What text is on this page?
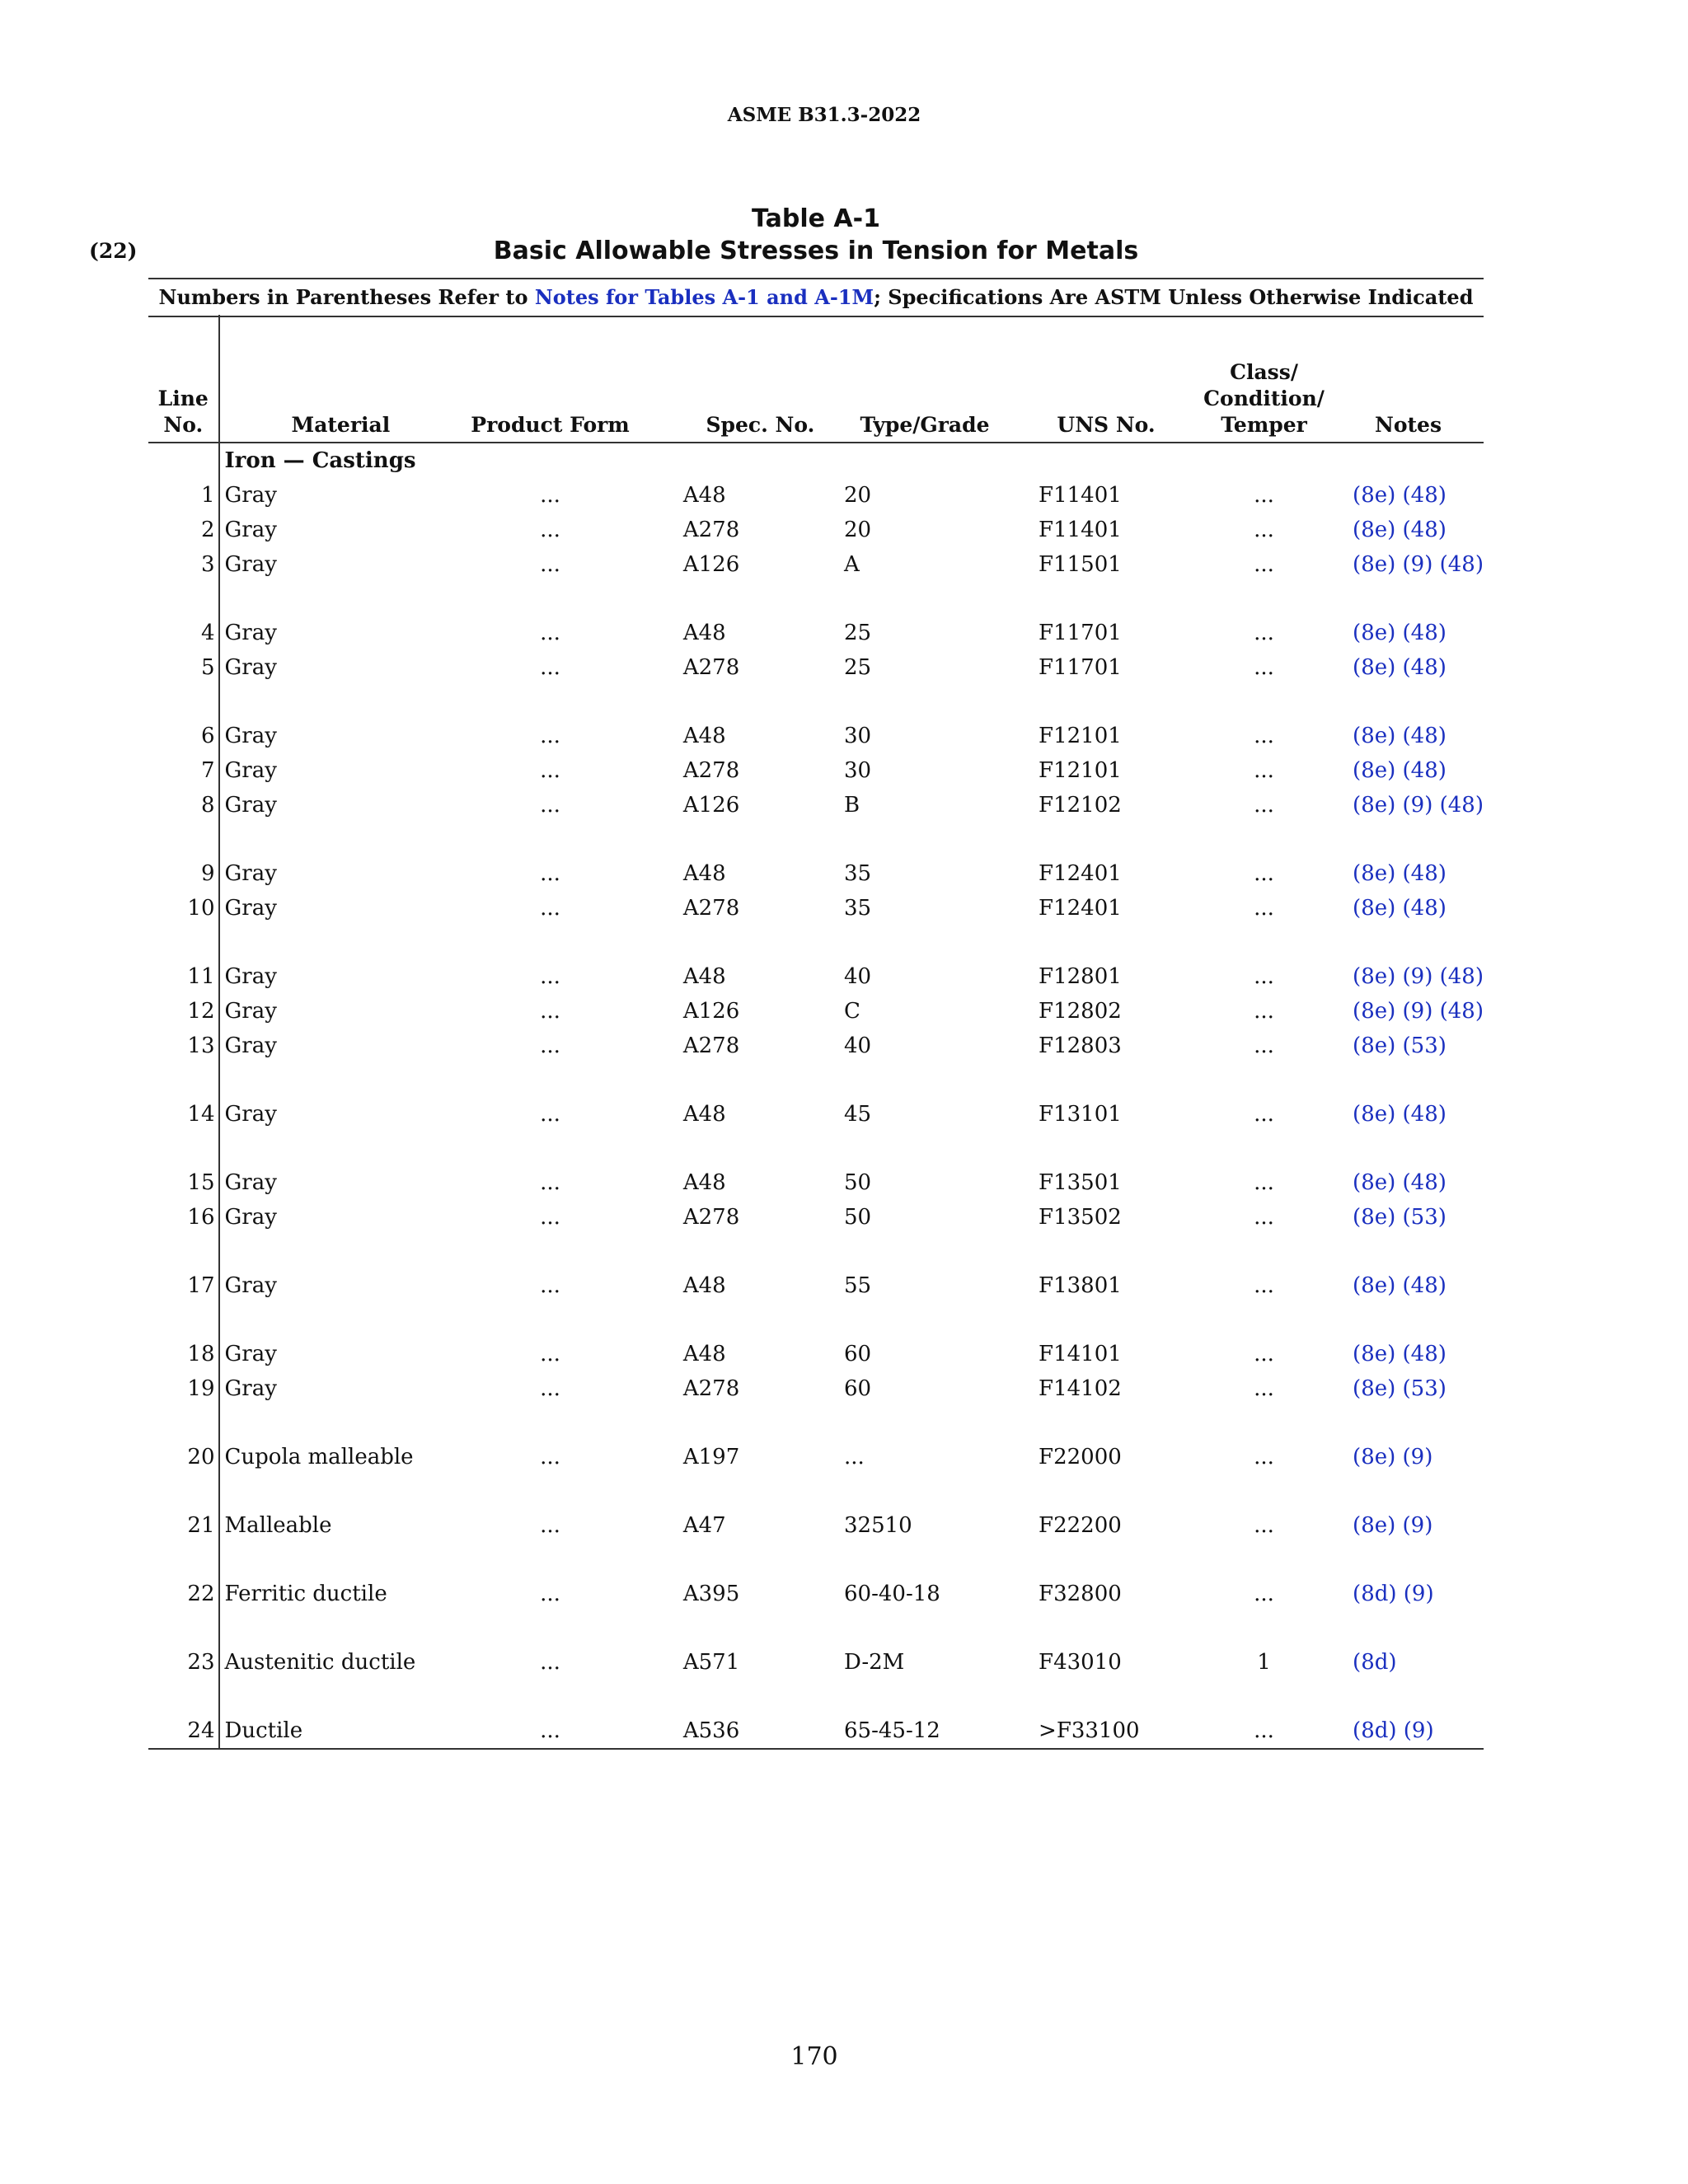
ASME B31.3-2022
(22)
Table A-1
Basic Allowable Stresses in Tension for Metals
Numbers in Parentheses Refer to Notes for Tables A-1 and A-1M; Specifications Are ASTM Unless Otherwise Indicated
Line
No.	Material	Product Form	Spec. No.	Type/Grade	UNS No.	Class/
Condition/
Temper	Notes
	Iron — Castings						
1	Gray	...	A48	20	F11401	...	(8e) (48)
2	Gray	...	A278	20	F11401	...	(8e) (48)
3	Gray	...	A126	A	F11501	...	(8e) (9) (48)

4	Gray	...	A48	25	F11701	...	(8e) (48)
5	Gray	...	A278	25	F11701	...	(8e) (48)

6	Gray	...	A48	30	F12101	...	(8e) (48)
7	Gray	...	A278	30	F12101	...	(8e) (48)
8	Gray	...	A126	B	F12102	...	(8e) (9) (48)

9	Gray	...	A48	35	F12401	...	(8e) (48)
10	Gray	...	A278	35	F12401	...	(8e) (48)

11	Gray	...	A48	40	F12801	...	(8e) (9) (48)
12	Gray	...	A126	C	F12802	...	(8e) (9) (48)
13	Gray	...	A278	40	F12803	...	(8e) (53)

14	Gray	...	A48	45	F13101	...	(8e) (48)

15	Gray	...	A48	50	F13501	...	(8e) (48)
16	Gray	...	A278	50	F13502	...	(8e) (53)

17	Gray	...	A48	55	F13801	...	(8e) (48)

18	Gray	...	A48	60	F14101	...	(8e) (48)
19	Gray	...	A278	60	F14102	...	(8e) (53)

20	Cupola malleable	...	A197	...	F22000	...	(8e) (9)

21	Malleable	...	A47	32510	F22200	...	(8e) (9)

22	Ferritic ductile	...	A395	60-40-18	F32800	...	(8d) (9)

23	Austenitic ductile	...	A571	D-2M	F43010	1	(8d)

24	Ductile	...	A536	65-45-12	>F33100	...	(8d) (9)
170
